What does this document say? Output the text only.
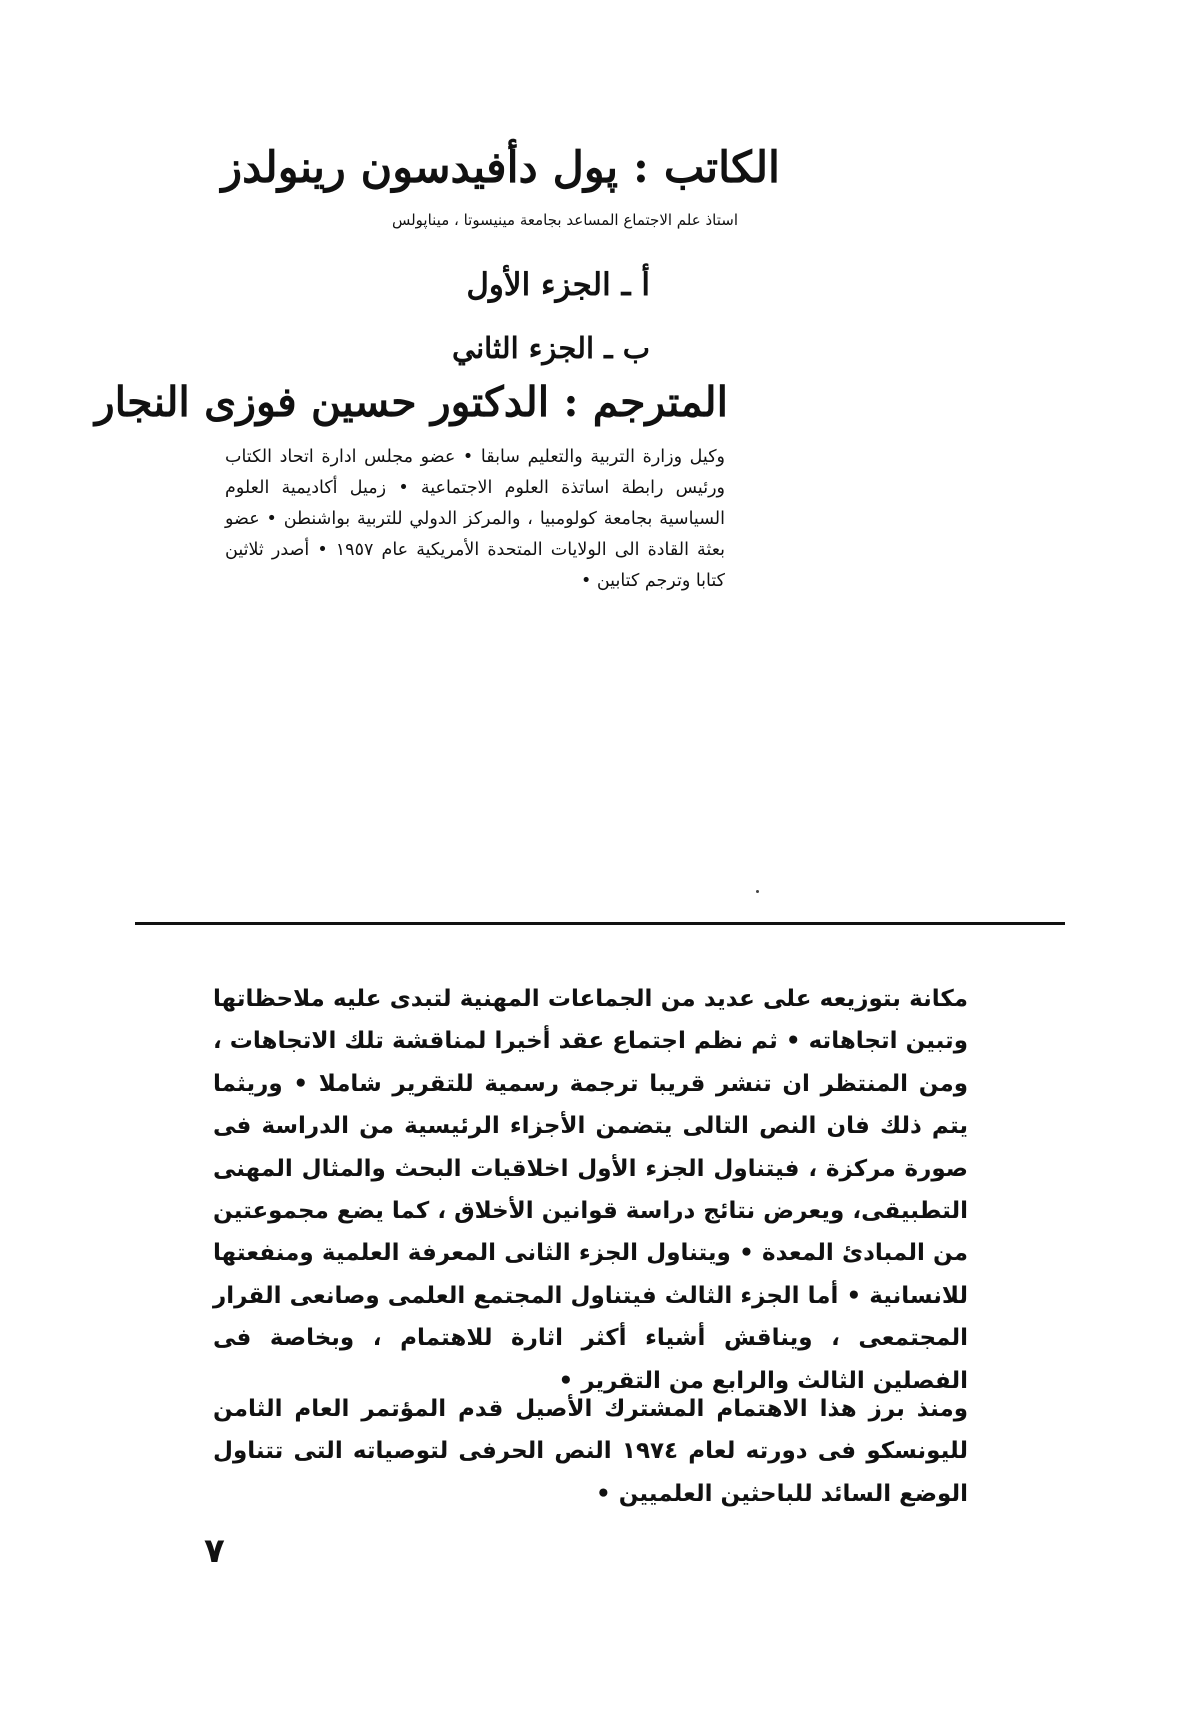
الكاتب : پول دأفيدسون رينولدز
استاذ علم الاجتماع المساعد بجامعة مينيسوتا ، ميناپولس
أ ـ الجزء الأول
ب ـ الجزء الثاني
المترجم : الدكتور حسين فوزى النجار
وكيل وزارة التربية والتعليم سابقا • عضو مجلس ادارة اتحاد الكتاب ورئيس رابطة اساتذة العلوم الاجتماعية • زميل أكاديمية العلوم السياسية بجامعة كولومبيا ، والمركز الدولي للتربية بواشنطن • عضو بعثة القادة الى الولايات المتحدة الأمريكية عام ١٩٥٧ • أصدر ثلاثين كتابا وترجم كتابين •
مكانة بتوزيعه على عديد من الجماعات المهنية لتبدى عليه ملاحظاتها وتبين اتجاهاته • ثم نظم اجتماع عقد أخيرا لمناقشة تلك الاتجاهات ، ومن المنتظر ان تنشر قريبا ترجمة رسمية للتقرير شاملا • وريثما يتم ذلك فان النص التالى يتضمن الأجزاء الرئيسية من الدراسة فى صورة مركزة ، فيتناول الجزء الأول اخلاقيات البحث والمثال المهنى التطبيقى، ويعرض نتائج دراسة قوانين الأخلاق ، كما يضع مجموعتين من المبادئ المعدة • ويتناول الجزء الثانى المعرفة العلمية ومنفعتها للانسانية • أما الجزء الثالث فيتناول المجتمع العلمى وصانعى القرار المجتمعى ، ويناقش أشياء أكثر اثارة للاهتمام ، وبخاصة فى الفصلين الثالث والرابع من التقرير •
ومنذ برز هذا الاهتمام المشترك الأصيل قدم المؤتمر العام الثامن لليونسكو فى دورته لعام ١٩٧٤ النص الحرفى لتوصياته التى تتناول الوضع السائد للباحثين العلميين •
٧
